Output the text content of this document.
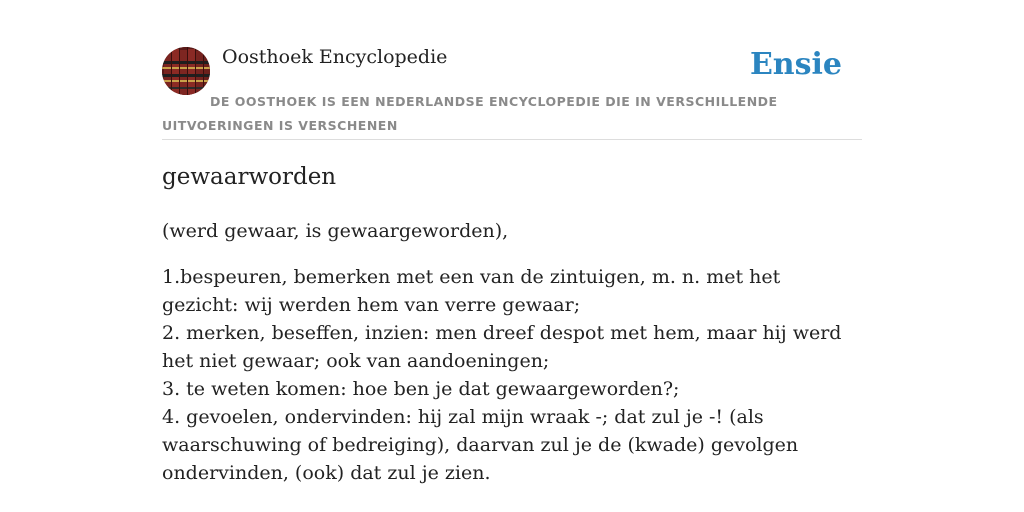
Oosthoek Encyclopedie	Ensie
DE OOSTHOEK IS EEN NEDERLANDSE ENCYCLOPEDIE DIE IN VERSCHILLENDE UITVOERINGEN IS VERSCHENEN
gewaarworden
(werd gewaar, is gewaargeworden),

1.bespeuren, bemerken met een van de zintuigen, m. n. met het gezicht: wij werden hem van verre gewaar;

2. merken, beseffen, inzien: men dreef despot met hem, maar hij werd het niet gewaar; ook van aandoeningen;

3. te weten komen: hoe ben je dat gewaargeworden?;

4. gevoelen, ondervinden: hij zal mijn wraak -; dat zul je -! (als waarschuwing of bedreiging), daarvan zul je de (kwade) gevolgen ondervinden, (ook) dat zul je zien.
